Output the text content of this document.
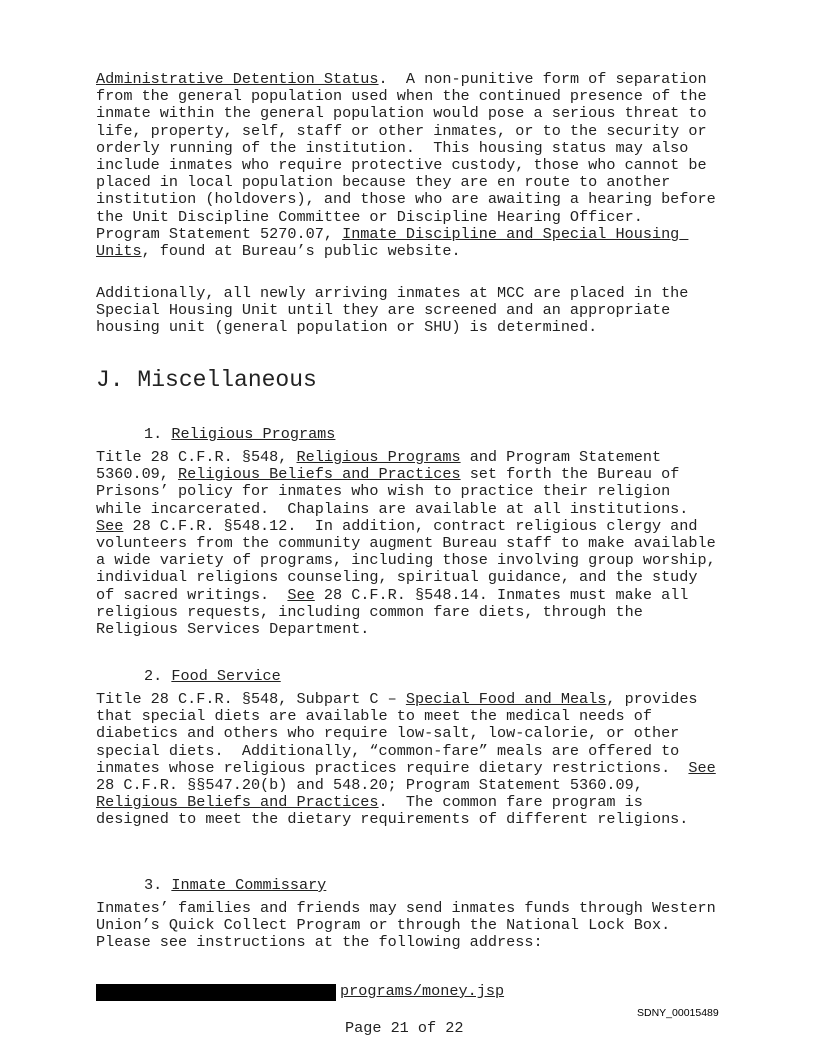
Administrative Detention Status.  A non-punitive form of separation from the general population used when the continued presence of the inmate within the general population would pose a serious threat to life, property, self, staff or other inmates, or to the security or orderly running of the institution.  This housing status may also include inmates who require protective custody, those who cannot be placed in local population because they are en route to another institution (holdovers), and those who are awaiting a hearing before the Unit Discipline Committee or Discipline Hearing Officer.  Program Statement 5270.07, Inmate Discipline and Special Housing Units, found at Bureau’s public website.

Additionally, all newly arriving inmates at MCC are placed in the Special Housing Unit until they are screened and an appropriate housing unit (general population or SHU) is determined.

J. Miscellaneous
1. Religious Programs

Title 28 C.F.R. §548, Religious Programs and Program Statement 5360.09, Religious Beliefs and Practices set forth the Bureau of Prisons’ policy for inmates who wish to practice their religion while incarcerated.  Chaplains are available at all institutions. See 28 C.F.R. §548.12.  In addition, contract religious clergy and volunteers from the community augment Bureau staff to make available a wide variety of programs, including those involving group worship, individual religions counseling, spiritual guidance, and the study of sacred writings.  See 28 C.F.R. §548.14. Inmates must make all religious requests, including common fare diets, through the Religious Services Department.

2. Food Service

Title 28 C.F.R. §548, Subpart C – Special Food and Meals, provides that special diets are available to meet the medical needs of diabetics and others who require low-salt, low-calorie, or other special diets.  Additionally, “common-fare” meals are offered to inmates whose religious practices require dietary restrictions.  See 28 C.F.R. §§547.20(b) and 548.20; Program Statement 5360.09, Religious Beliefs and Practices.  The common fare program is designed to meet the dietary requirements of different religions.

3. Inmate Commissary

Inmates’ families and friends may send inmates funds through Western Union’s Quick Collect Program or through the National Lock Box.  Please see instructions at the following address:

programs/money.jsp
SDNY_00015489
Page 21 of 22
